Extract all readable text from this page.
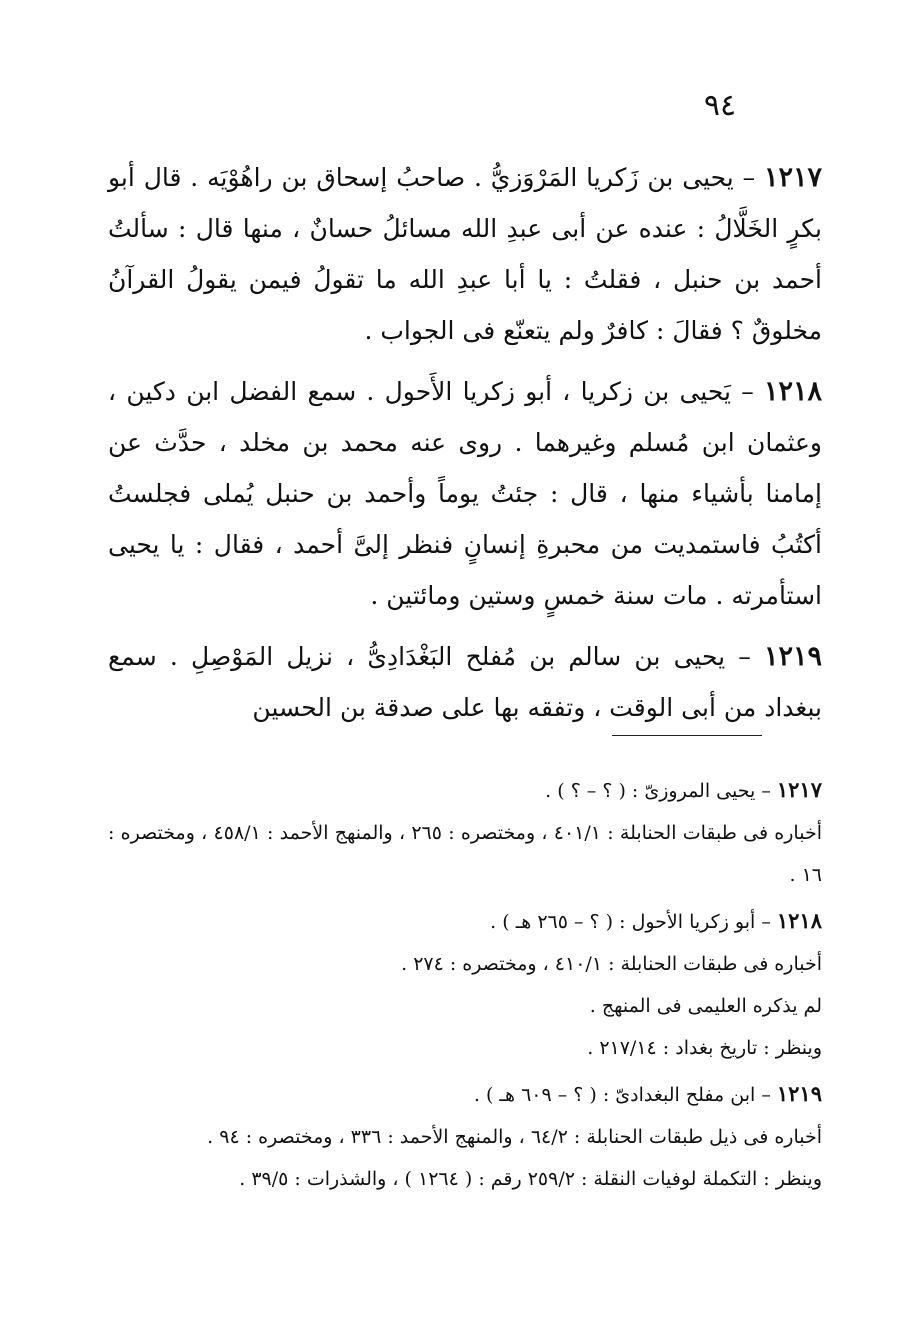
٩٤

١٢١٧ – يحيى بن زَكريا المَرْوَزيُّ . صاحبُ إسحاق بن راهُوْيَه . قال أبو بكرٍ الخَلَّالُ : عنده عن أبى عبدِ الله مسائلُ حسانٌ ، منها قال : سألتُ أحمد بن حنبل ، فقلتُ : يا أبا عبدِ الله ما تقولُ فيمن يقولُ القرآنُ مخلوقٌ ؟ فقالَ : كافرٌ ولم يتعنّع فى الجواب .

١٢١٨ – يَحيى بن زكريا ، أبو زكريا الأَحول . سمع الفضل ابن دكين ، وعثمان ابن مُسلم وغيرهما . روى عنه محمد بن مخلد ، حدَّث عن إمامنا بأشياء منها ، قال : جئتُ يوماً وأحمد بن حنبل يُملى فجلستُ أكتُبُ فاستمديت من محبرةِ إنسانٍ فنظر إلىَّ أحمد ، فقال : يا يحيى استأمرته . مات سنة خمسٍ وستين ومائتين .

١٢١٩ – يحيى بن سالم بن مُفلح البَغْدَادِىُّ ، نزيل المَوْصِلِ . سمع ببغداد من أبى الوقت ، وتفقه بها على صدقة بن الحسين

١٢١٧ – يحيى المروزىّ : ( ؟ – ؟ ) .
أخباره فى طبقات الحنابلة : ٤٠١/١ ، ومختصره : ٢٦٥ ، والمنهج الأحمد : ٤٥٨/١ ، ومختصره : ١٦ .
١٢١٨ – أبو زكريا الأحول : ( ؟ – ٢٦٥ هـ ) .
أخباره فى طبقات الحنابلة : ٤١٠/١ ، ومختصره : ٢٧٤ .
لم يذكره العليمى فى المنهج .
وينظر : تاريخ بغداد : ٢١٧/١٤ .
١٢١٩ – ابن مفلح البغدادىّ : ( ؟ – ٦٠٩ هـ ) .
أخباره فى ذيل طبقات الحنابلة : ٦٤/٢ ، والمنهج الأحمد : ٣٣٦ ، ومختصره : ٩٤ .
وينظر : التكملة لوفيات النقلة : ٢٥٩/٢ رقم : ( ١٢٦٤ ) ، والشذرات : ٣٩/٥ .
